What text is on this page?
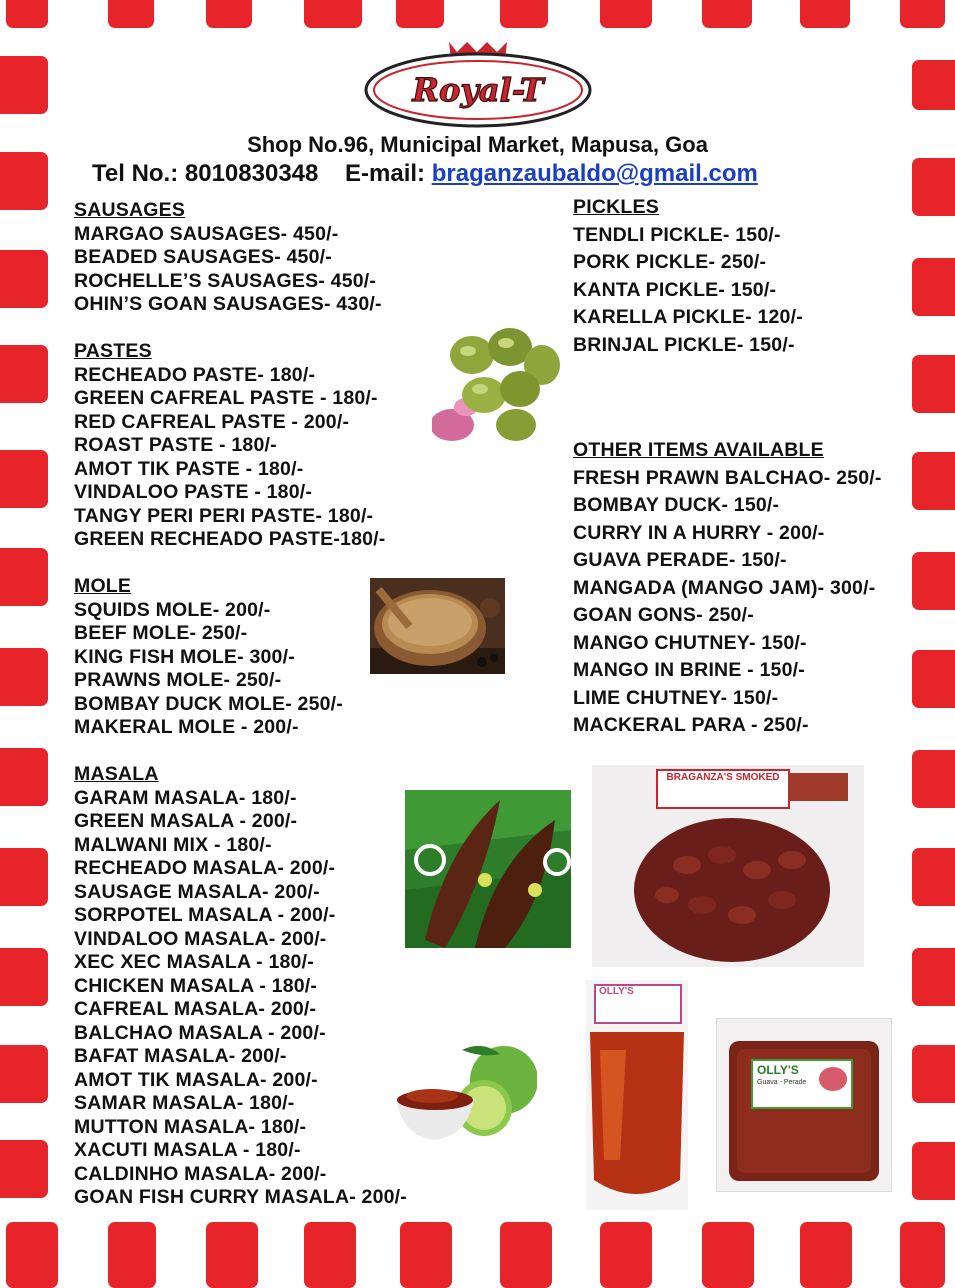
Royal-T
Shop No.96, Municipal Market, Mapusa, Goa
Tel No.: 8010830348 E-mail: braganzaubaldo@gmail.com
SAUSAGES
MARGAO SAUSAGES- 450/-
BEADED SAUSAGES- 450/-
ROCHELLE’S SAUSAGES- 450/-
OHIN’S GOAN SAUSAGES- 430/-
PASTES
RECHEADO PASTE- 180/-
GREEN CAFREAL PASTE - 180/-
RED CAFREAL PASTE - 200/-
ROAST PASTE - 180/-
AMOT TIK PASTE - 180/-
VINDALOO PASTE - 180/-
TANGY PERI PERI PASTE- 180/-
GREEN RECHEADO PASTE-180/-
MOLE
SQUIDS MOLE- 200/-
BEEF MOLE- 250/-
KING FISH MOLE- 300/-
PRAWNS MOLE- 250/-
BOMBAY DUCK MOLE- 250/-
MAKERAL MOLE - 200/-
MASALA
GARAM MASALA- 180/-
GREEN MASALA - 200/-
MALWANI MIX - 180/-
RECHEADO MASALA- 200/-
SAUSAGE MASALA- 200/-
SORPOTEL MASALA - 200/-
VINDALOO MASALA- 200/-
XEC XEC MASALA - 180/-
CHICKEN MASALA - 180/-
CAFREAL MASALA- 200/-
BALCHAO MASALA - 200/-
BAFAT MASALA- 200/-
AMOT TIK MASALA- 200/-
SAMAR MASALA- 180/-
MUTTON MASALA- 180/-
XACUTI MASALA - 180/-
CALDINHO MASALA- 200/-
GOAN FISH CURRY MASALA- 200/-
PICKLES
TENDLI PICKLE- 150/-
PORK PICKLE- 250/-
KANTA PICKLE- 150/-
KARELLA PICKLE- 120/-
BRINJAL PICKLE- 150/-
OTHER ITEMS AVAILABLE
FRESH PRAWN BALCHAO- 250/-
BOMBAY DUCK- 150/-
CURRY IN A HURRY - 200/-
GUAVA PERADE- 150/-
MANGADA (MANGO JAM)- 300/-
GOAN GONS- 250/-
MANGO CHUTNEY- 150/-
MANGO IN BRINE - 150/-
LIME CHUTNEY- 150/-
MACKERAL PARA - 250/-
BRAGANZA'S SMOKED
OLLY'S
OLLY'S
Guava - Perade
